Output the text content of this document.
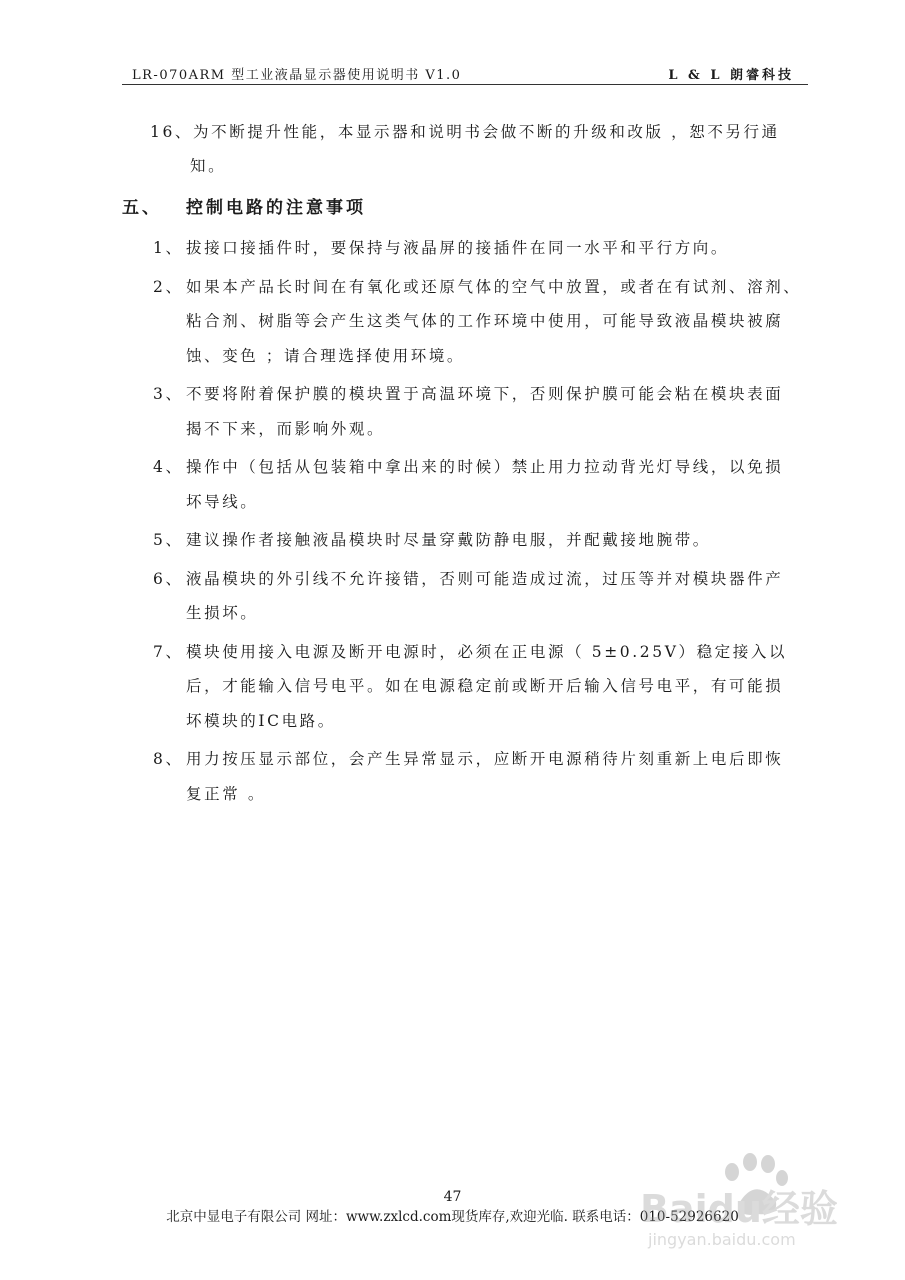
LR-070ARM 型工业液晶显示器使用说明书 V1.0	L & L 朗睿科技
16、为不断提升性能，本显示器和说明书会做不断的升级和改版 ，恕不另行通
知。
五、 控制电路的注意事项
1、 拔接口接插件时，要保持与液晶屏的接插件在同一水平和平行方向。
2、 如果本产品长时间在有氧化或还原气体的空气中放置，或者在有试剂、溶剂、
粘合剂、树脂等会产生这类气体的工作环境中使用，可能导致液晶模块被腐
蚀、变色 ；请合理选择使用环境。
3、 不要将附着保护膜的模块置于高温环境下，否则保护膜可能会粘在模块表面
揭不下来，而影响外观。
4、 操作中（包括从包装箱中拿出来的时候）禁止用力拉动背光灯导线，以免损
坏导线。
5、 建议操作者接触液晶模块时尽量穿戴防静电服，并配戴接地腕带。
6、 液晶模块的外引线不允许接错，否则可能造成过流，过压等并对模块器件产
生损坏。
7、 模块使用接入电源及断开电源时，必须在正电源（ 5±0.25V）稳定接入以
后，才能输入信号电平。如在电源稳定前或断开后输入信号电平，有可能损
坏模块的IC电路。
8、 用力按压显示部位，会产生异常显示，应断开电源稍待片刻重新上电后即恢
复正常 。
47
北京中显电子有限公司 网址：www.zxlcd.com现货库存,欢迎光临. 联系电话：010-52926620
Baidu经验
jingyan.baidu.com
